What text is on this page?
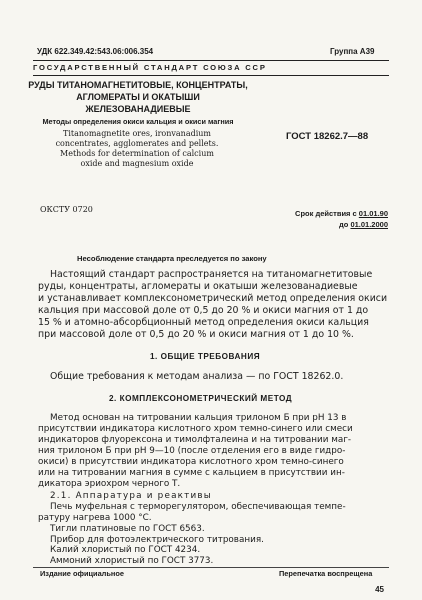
УДК 622.349.42:543.06:006.354	Группа А39
ГОСУДАРСТВЕННЫЙ СТАНДАРТ СОЮЗА ССР
РУДЫ ТИТАНОМАГНЕТИТОВЫЕ, КОНЦЕНТРАТЫ,
АГЛОМЕРАТЫ И ОКАТЫШИ
ЖЕЛЕЗОВАНАДИЕВЫЕ
Методы определения окиси кальция и окиси магния
Titanomagnetite ores, ironvanadium
concentrates, agglomerates and pellets.
Methods for determination of calcium
oxide and magnesium oxide
ГОСТ 18262.7—88
ОКСТУ 0720	Срок действия с 01.01.90
до 01.01.2000
Несоблюдение стандарта преследуется по закону
Настоящий стандарт распространяется на титаномагнетитовые
руды, концентраты, агломераты и окатыши железованадиевые
и устанавливает комплексонометрический метод определения окиси
кальция при массовой доле от 0,5 до 20 % и окиси магния от 1 до
15 % и атомно-абсорбционный метод определения окиси кальция
при массовой доле от 0,5 до 20 % и окиси магния от 1 до 10 %.
1. ОБЩИЕ ТРЕБОВАНИЯ
Общие требования к методам анализа — по ГОСТ 18262.0.
2. КОМПЛЕКСОНОМЕТРИЧЕСКИЙ МЕТОД
Метод основан на титровании кальция трилоном Б при pH 13 в
присутствии индикатора кислотного хром темно-синего или смеси
индикаторов флуорексона и тимолфталеина и на титровании маг-
ния трилоном Б при pH 9—10 (после отделения его в виде гидро-
окиси) в присутствии индикатора кислотного хром темно-синего
или на титровании магния в сумме с кальцием в присутствии ин-
дикатора эриохром черного Т.
2.1. Аппаратура и реактивы
Печь муфельная с терморегулятором, обеспечивающая темпе-
ратуру нагрева 1000 °С.
Тигли платиновые по ГОСТ 6563.
Прибор для фотоэлектрического титрования.
Калий хлористый по ГОСТ 4234.
Аммоний хлористый по ГОСТ 3773.
Издание официальное	Перепечатка воспрещена
45
